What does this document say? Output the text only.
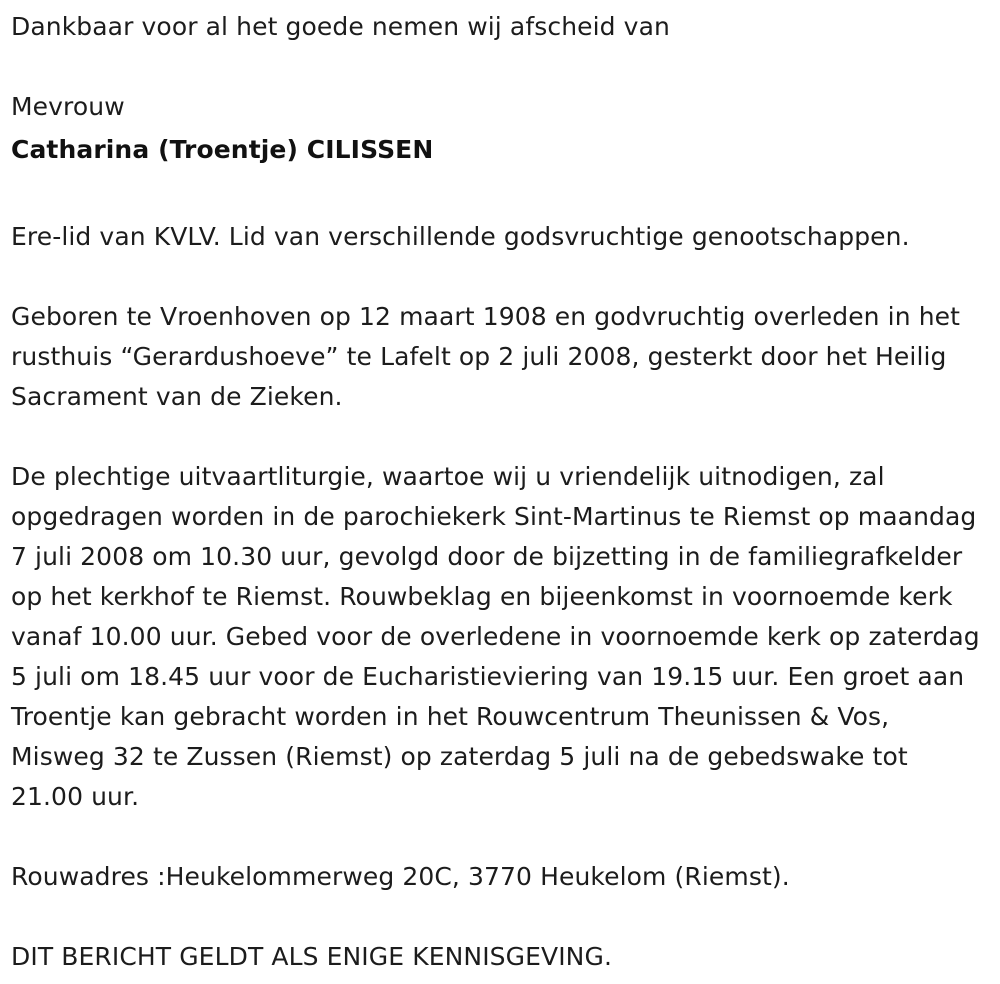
Dankbaar voor al het goede nemen wij afscheid van

Mevrouw

Catharina (Troentje) CILISSEN

Ere-lid van KVLV. Lid van verschillende godsvruchtige genootschappen.

Geboren te Vroenhoven op 12 maart 1908 en godvruchtig overleden in het rusthuis “Gerardushoeve” te Lafelt op 2 juli 2008, gesterkt door het Heilig Sacrament van de Zieken.

De plechtige uitvaartliturgie, waartoe wij u vriendelijk uitnodigen, zal opgedragen worden in de parochiekerk Sint-Martinus te Riemst op maandag 7 juli 2008 om 10.30 uur, gevolgd door de bijzetting in de familiegrafkelder op het kerkhof te Riemst. Rouwbeklag en bijeenkomst in voornoemde kerk vanaf 10.00 uur. Gebed voor de overledene in voornoemde kerk op zaterdag 5 juli om 18.45 uur voor de Eucharistieviering van 19.15 uur. Een groet aan Troentje kan gebracht worden in het Rouwcentrum Theunissen & Vos, Misweg 32 te Zussen (Riemst) op zaterdag 5 juli na de gebedswake tot 21.00 uur.

Rouwadres :Heukelommerweg 20C, 3770 Heukelom (Riemst).

DIT BERICHT GELDT ALS ENIGE KENNISGEVING.
